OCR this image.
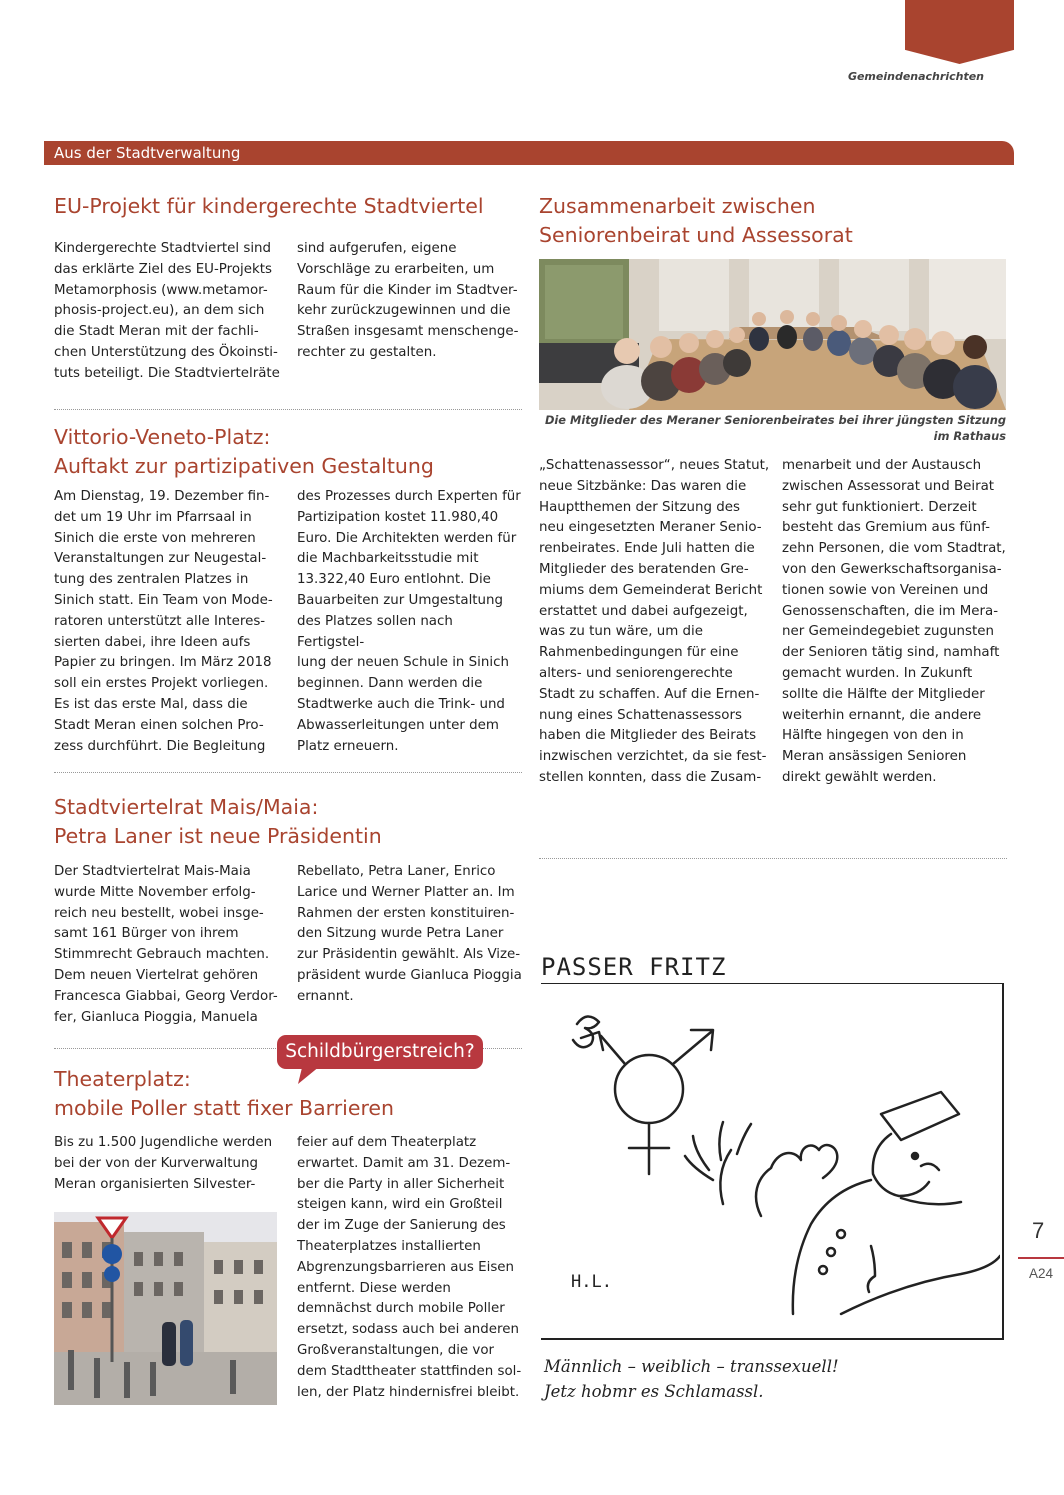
Gemeindenachrichten
Aus der Stadtverwaltung
EU-Projekt für kindergerechte Stadtviertel

Kindergerechte Stadtviertel sind

das erklärte Ziel des EU-Projekts

Metamorphosis (www.metamor-

phosis-project.eu), an dem sich

die Stadt Meran mit der fachli-

chen Unterstützung des Ökoinsti-

tuts beteiligt. Die Stadtviertelräte

sind aufgerufen, eigene

Vorschläge zu erarbeiten, um

Raum für die Kinder im Stadtver-

kehr zurückzugewinnen und die

Straßen insgesamt menschenge-

rechter zu gestalten.

Vittorio-Veneto-Platz:
Auftakt zur partizipativen Gestaltung

Am Dienstag, 19. Dezember fin-

det um 19 Uhr im Pfarrsaal in

Sinich die erste von mehreren

Veranstaltungen zur Neugestal-

tung des zentralen Platzes in

Sinich statt. Ein Team von Mode-

ratoren unterstützt alle Interes-

sierten dabei, ihre Ideen aufs

Papier zu bringen. Im März 2018

soll ein erstes Projekt vorliegen.

Es ist das erste Mal, dass die

Stadt Meran einen solchen Pro-

zess durchführt. Die Begleitung

des Prozesses durch Experten für

Partizipation kostet 11.980,40

Euro. Die Architekten werden für

die Machbarkeitsstudie mit

13.322,40 Euro entlohnt. Die

Bauarbeiten zur Umgestaltung

des Platzes sollen nach Fertigstel-

lung der neuen Schule in Sinich

beginnen. Dann werden die

Stadtwerke auch die Trink- und

Abwasserleitungen unter dem

Platz erneuern.

Stadtviertelrat Mais/Maia:
Petra Laner ist neue Präsidentin

Der Stadtviertelrat Mais-Maia

wurde Mitte November erfolg-

reich neu bestellt, wobei insge-

samt 161 Bürger von ihrem

Stimmrecht Gebrauch machten.

Dem neuen Viertelrat gehören

Francesca Giabbai, Georg Verdor-

fer, Gianluca Pioggia, Manuela

Rebellato, Petra Laner, Enrico

Larice und Werner Platter an. Im

Rahmen der ersten konstituiren-

den Sitzung wurde Petra Laner

zur Präsidentin gewählt. Als Vize-

präsident wurde Gianluca Pioggia

ernannt.

Schildbürgerstreich?
Theaterplatz:
mobile Poller statt fixer Barrieren

Bis zu 1.500 Jugendliche werden

bei der von der Kurverwaltung

Meran organisierten Silvester-

feier auf dem Theaterplatz

erwartet. Damit am 31. Dezem-

ber die Party in aller Sicherheit

steigen kann, wird ein Großteil

der im Zuge der Sanierung des

Theaterplatzes installierten

Abgrenzungsbarrieren aus Eisen

entfernt. Diese werden

demnächst durch mobile Poller

ersetzt, sodass auch bei anderen

Großveranstaltungen, die vor

dem Stadttheater stattfinden sol-

len, der Platz hindernisfrei bleibt.

Zusammenarbeit zwischen
Seniorenbeirat und Assessorat
Die Mitglieder des Meraner Seniorenbeirates bei ihrer jüngsten Sitzung
im Rathaus

„Schattenassessor“, neues Statut,

neue Sitzbänke: Das waren die

Hauptthemen der Sitzung des

neu eingesetzten Meraner Senio-

renbeirates. Ende Juli hatten die

Mitglieder des beratenden Gre-

miums dem Gemeinderat Bericht

erstattet und dabei aufgezeigt,

was zu tun wäre, um die

Rahmenbedingungen für eine

alters- und seniorengerechte

Stadt zu schaffen. Auf die Ernen-

nung eines Schattenassessors

haben die Mitglieder des Beirats

inzwischen verzichtet, da sie fest-

stellen konnten, dass die Zusam-

menarbeit und der Austausch

zwischen Assessorat und Beirat

sehr gut funktioniert. Derzeit

besteht das Gremium aus fünf-

zehn Personen, die vom Stadtrat,

von den Gewerkschaftsorganisa-

tionen sowie von Vereinen und

Genossenschaften, die im Mera-

ner Gemeindegebiet zugunsten

der Senioren tätig sind, namhaft

gemacht wurden. In Zukunft

sollte die Hälfte der Mitglieder

weiterhin ernannt, die andere

Hälfte hingegen von den in

Meran ansässigen Senioren

direkt gewählt werden.

PASSER FRITZ
H.L.
Männlich – weiblich – transsexuell!
Jetz hobmr es Schlamassl.
7
A24
